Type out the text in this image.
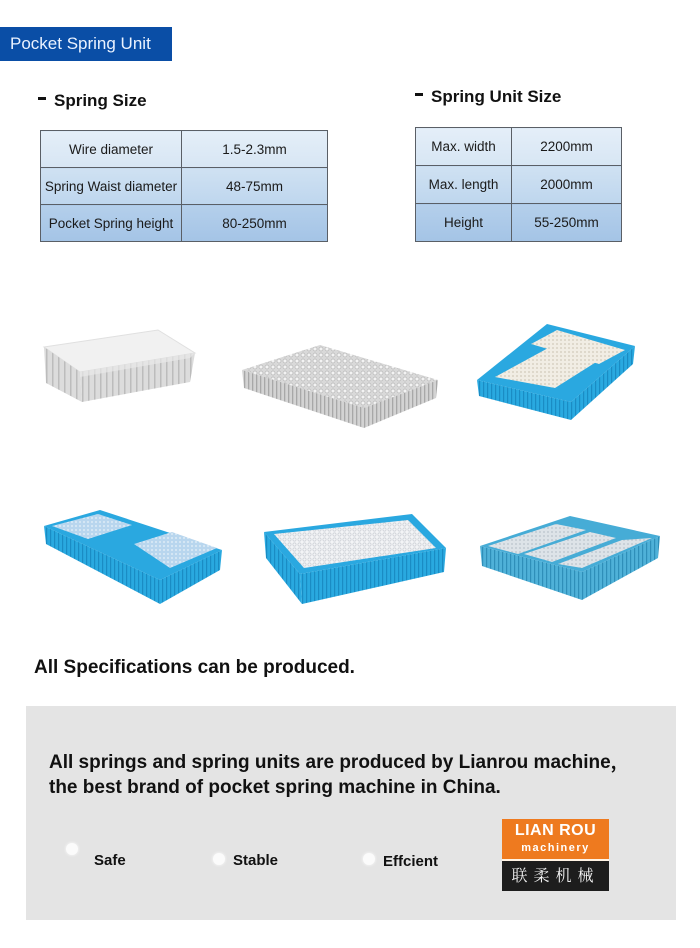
Pocket Spring Unit
Spring Size
Wire diameter	1.5-2.3mm
Spring Waist diameter	48-75mm
Pocket Spring height	80-250mm
Spring Unit Size
Max. width	2200mm
Max. length	2000mm
Height	55-250mm
All Specifications can be produced.
All springs and spring units are produced by Lianrou machine，
the best brand of pocket spring machine in China.
Safe	Stable	Effcient
LIAN ROU
machinery
联柔机械
